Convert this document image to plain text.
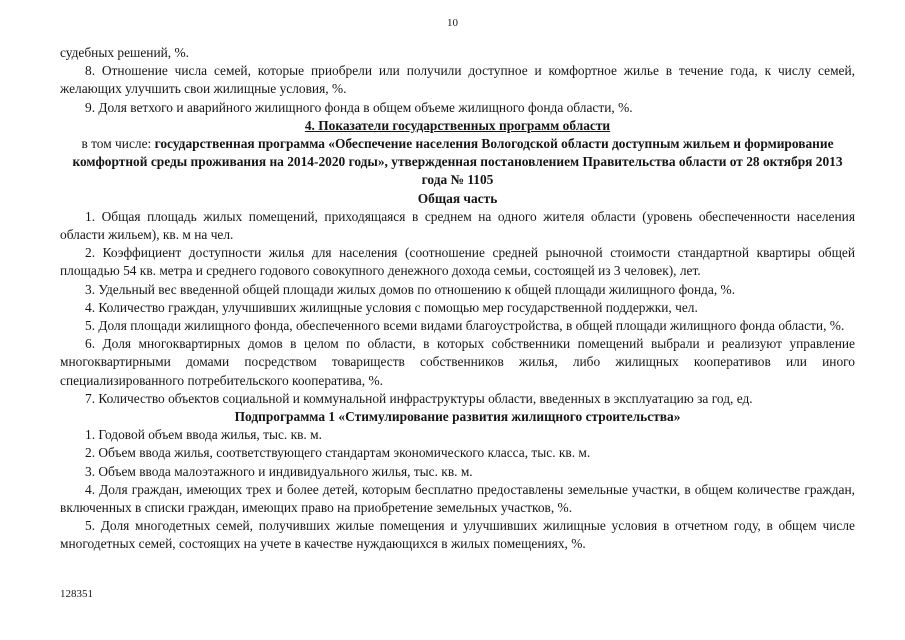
10

судебных решений, %.

8. Отношение числа семей, которые приобрели или получили доступное и комфортное жилье в течение года, к числу семей, желающих улучшить свои жилищные условия, %.

9. Доля ветхого и аварийного жилищного фонда в общем объеме жилищного фонда области, %.

4. Показатели государственных программ области

в том числе: государственная программа «Обеспечение населения Вологодской области доступным жильем и формирование комфортной среды проживания на 2014-2020 годы», утвержденная постановлением Правительства области от 28 октября 2013 года № 1105

Общая часть

1. Общая площадь жилых помещений, приходящаяся в среднем на одного жителя области (уровень обеспеченности населения области жильем), кв. м на чел.

2. Коэффициент доступности жилья для населения (соотношение средней рыночной стоимости стандартной квартиры общей площадью 54 кв. метра и среднего годового совокупного денежного дохода семьи, состоящей из 3 человек), лет.

3. Удельный вес введенной общей площади жилых домов по отношению к общей площади жилищного фонда, %.

4. Количество граждан, улучшивших жилищные условия с помощью мер государственной поддержки, чел.

5. Доля площади жилищного фонда, обеспеченного всеми видами благоустройства, в общей площади жилищного фонда области, %.

6. Доля многоквартирных домов в целом по области, в которых собственники помещений выбрали и реализуют управление многоквартирными домами посредством товариществ собственников жилья, либо жилищных кооперативов или иного специализированного потребительского кооператива, %.

7. Количество объектов социальной и коммунальной инфраструктуры области, введенных в эксплуатацию за год, ед.

Подпрограмма 1 «Стимулирование развития жилищного строительства»

1. Годовой объем ввода жилья, тыс. кв. м.

2. Объем ввода жилья, соответствующего стандартам экономического класса, тыс. кв. м.

3. Объем ввода малоэтажного и индивидуального жилья, тыс. кв. м.

4. Доля граждан, имеющих трех и более детей, которым бесплатно предоставлены земельные участки, в общем количестве граждан, включенных в списки граждан, имеющих право на приобретение земельных участков, %.

5. Доля многодетных семей, получивших жилые помещения и улучшивших жилищные условия в отчетном году, в общем числе многодетных семей, состоящих на учете в качестве нуждающихся в жилых помещениях, %.

128351
